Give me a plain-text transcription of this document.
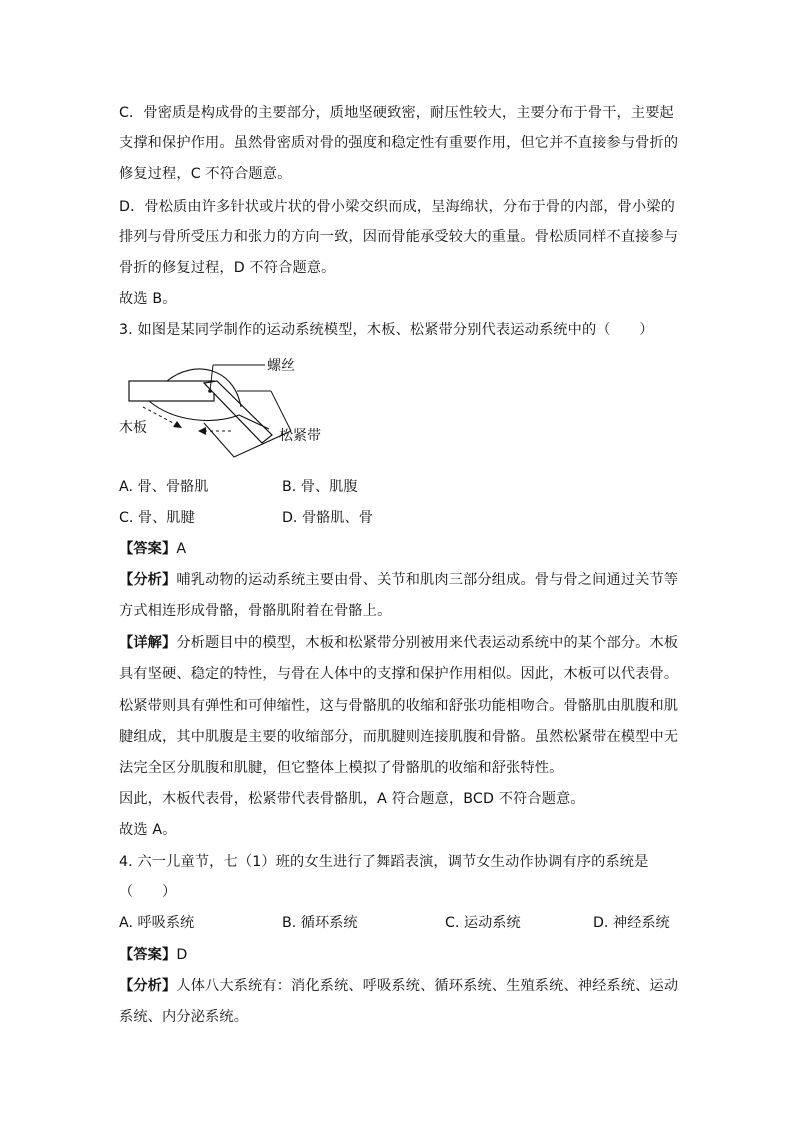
C．骨密质是构成骨的主要部分，质地坚硬致密，耐压性较大，主要分布于骨干，主要起
支撑和保护作用。虽然骨密质对骨的强度和稳定性有重要作用，但它并不直接参与骨折的
修复过程，C 不符合题意。
D．骨松质由许多针状或片状的骨小梁交织而成，呈海绵状，分布于骨的内部，骨小梁的
排列与骨所受压力和张力的方向一致，因而骨能承受较大的重量。骨松质同样不直接参与
骨折的修复过程，D 不符合题意。
故选 B。
3. 如图是某同学制作的运动系统模型，木板、松紧带分别代表运动系统中的（　　）
A. 骨、骨骼肌	B. 骨、肌腹
C. 骨、肌腱	D. 骨骼肌、骨
【答案】A
【分析】哺乳动物的运动系统主要由骨、关节和肌肉三部分组成。骨与骨之间通过关节等
方式相连形成骨骼，骨骼肌附着在骨骼上。
【详解】分析题目中的模型，木板和松紧带分别被用来代表运动系统中的某个部分。木板
具有坚硬、稳定的特性，与骨在人体中的支撑和保护作用相似。因此，木板可以代表骨。
松紧带则具有弹性和可伸缩性，这与骨骼肌的收缩和舒张功能相吻合。骨骼肌由肌腹和肌
腱组成，其中肌腹是主要的收缩部分，而肌腱则连接肌腹和骨骼。虽然松紧带在模型中无
法完全区分肌腹和肌腱，但它整体上模拟了骨骼肌的收缩和舒张特性。
因此，木板代表骨，松紧带代表骨骼肌，A 符合题意，BCD 不符合题意。
故选 A。
4. 六一儿童节，七（1）班的女生进行了舞蹈表演，调节女生动作协调有序的系统是
（　　）
A. 呼吸系统	B. 循环系统	C. 运动系统	D. 神经系统
【答案】D
【分析】人体八大系统有：消化系统、呼吸系统、循环系统、生殖系统、神经系统、运动
系统、内分泌系统。
螺丝
木板	松紧带
